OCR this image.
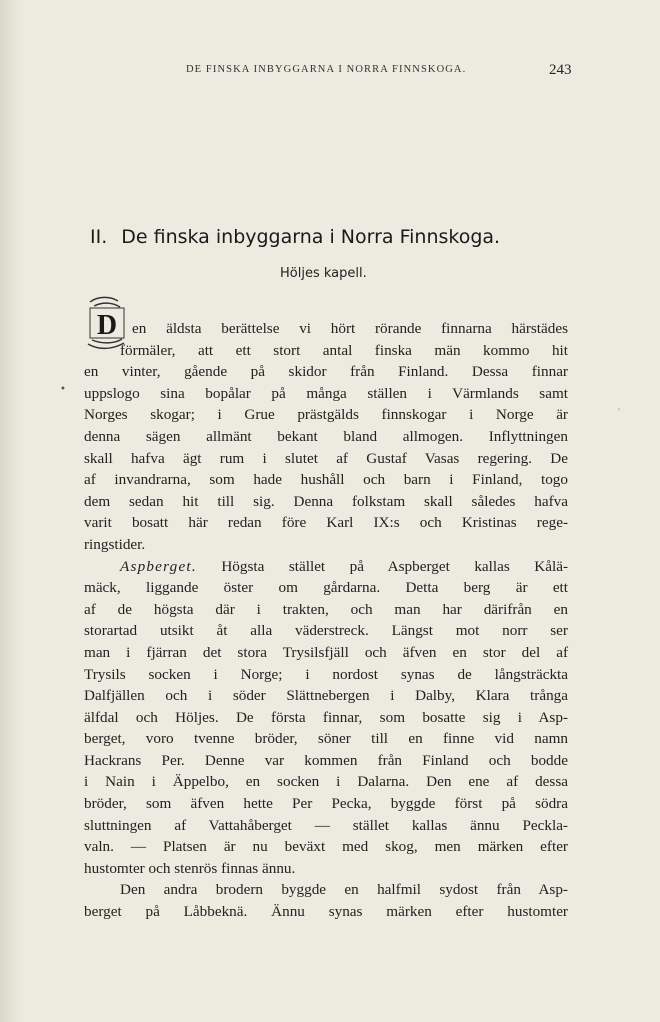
DE FINSKA INBYGGARNA I NORRA FINNSKOGA.	243
II. De finska inbyggarna i Norra Finnskoga.
Höljes kapell.
D
•
′
en äldsta berättelse vi hört rörande finnarna härstädes
förmäler, att ett stort antal finska män kommo hit
en vinter, gående på skidor från Finland. Dessa finnar
uppslogo sina bopålar på många ställen i Värmlands samt
Norges skogar; i Grue prästgälds finnskogar i Norge är
denna sägen allmänt bekant bland allmogen. Inflyttningen
skall hafva ägt rum i slutet af Gustaf Vasas regering. De
af invandrarna, som hade hushåll och barn i Finland, togo
dem sedan hit till sig. Denna folkstam skall således hafva
varit bosatt här redan före Karl IX:s och Kristinas rege-
ringstider.
Aspberget. Högsta stället på Aspberget kallas Kålä-
mäck, liggande öster om gårdarna. Detta berg är ett
af de högsta där i trakten, och man har därifrån en
storartad utsikt åt alla väderstreck. Längst mot norr ser
man i fjärran det stora Trysilsfjäll och äfven en stor del af
Trysils socken i Norge; i nordost synas de långsträckta
Dalfjällen och i söder Slättnebergen i Dalby, Klara trånga
älfdal och Höljes. De första finnar, som bosatte sig i Asp-
berget, voro tvenne bröder, söner till en finne vid namn
Hackrans Per. Denne var kommen från Finland och bodde
i Nain i Äppelbo, en socken i Dalarna. Den ene af dessa
bröder, som äfven hette Per Pecka, byggde först på södra
sluttningen af Vattahåberget — stället kallas ännu Peckla-
valn. — Platsen är nu beväxt med skog, men märken efter
hustomter och stenrös finnas ännu.
Den andra brodern byggde en halfmil sydost från Asp-
berget på Låbbeknä. Ännu synas märken efter hustomter
